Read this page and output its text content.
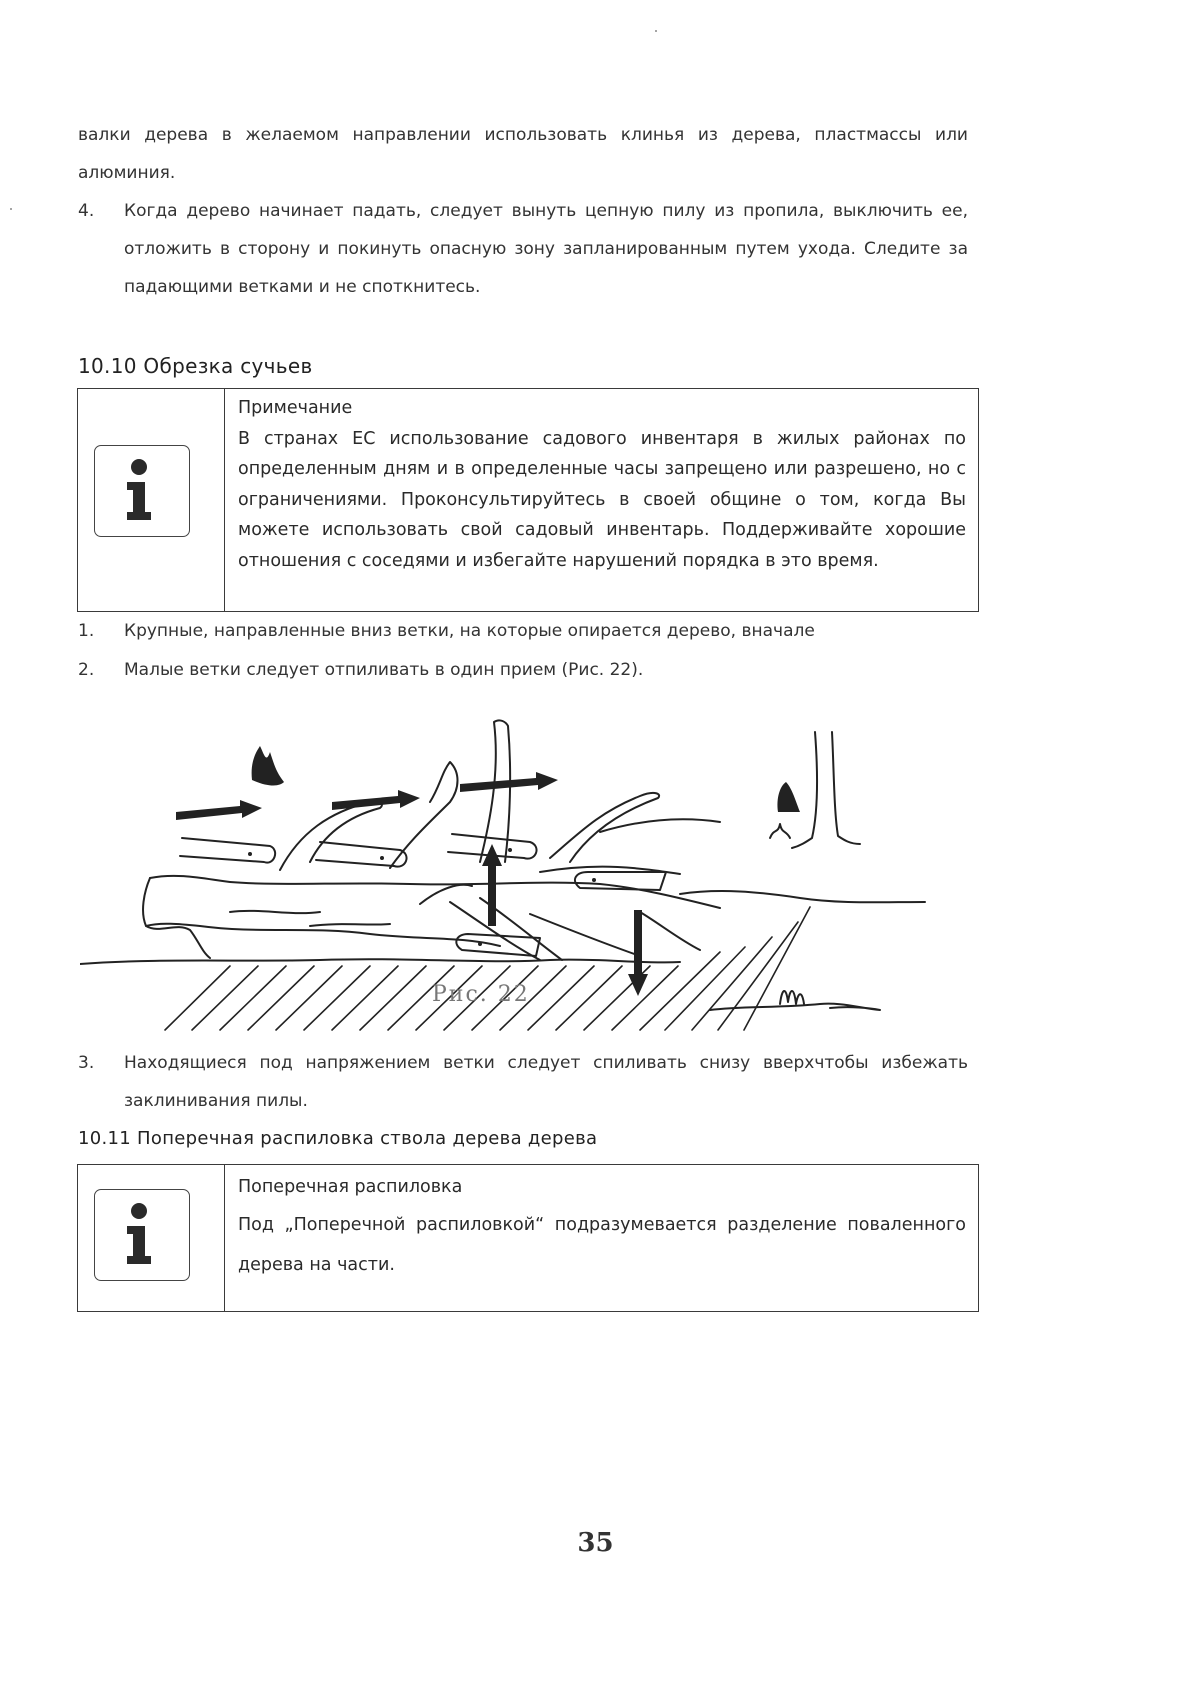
валки дерева в желаемом направлении использовать клинья из дерева, пластмассы или алюминия.
4. Когда дерево начинает падать, следует вынуть цепную пилу из пропила, выключить ее, отложить в сторону и покинуть опасную зону запланированным путем ухода. Следите за падающими ветками и не споткнитесь.
10.10 Обрезка сучьев
Примечание
В странах ЕС использование садового инвентаря в жилых районах по определенным дням и в определенные часы запрещено или разрешено, но с ограничениями. Проконсультируйтесь в своей общине о том, когда Вы можете использовать свой садовый инвентарь. Поддерживайте хорошие отношения с соседями и избегайте нарушений порядка в это время.
1. Крупные, направленные вниз ветки, на которые опирается дерево, вначале
2. Малые ветки следует отпиливать в один прием (Рис. 22).
Рис. 22
3. Находящиеся под напряжением ветки следует спиливать снизу вверхчтобы избежать заклинивания пилы.
10.11 Поперечная распиловка ствола дерева дерева
Поперечная распиловка
Под „Поперечной распиловкой“ подразумевается разделение поваленного дерева на части.
35
